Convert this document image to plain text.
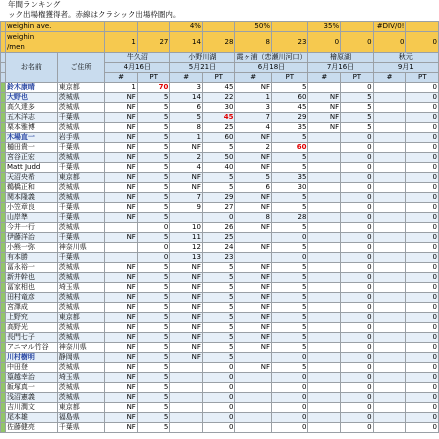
年間ランキング
ック出場権獲得者。赤線はクラシック出場枠圏内。
	weighin ave.				4%		50%		35%		#DIV/0!	
	weighin
/men		1	27	14	28	8	23	0	0	0	0
	お名前	ご住所	牛久沼		小野川湖		霞ヶ浦（恋瀬川河口）		檜原湖		秋元	
			4月16日		5月21日		6月18日		7月16日		9月1	
			#	PT	#	PT	#	PT	#	PT	#	PT
	鈴木康晴	東京都	1	70	3	45	NF	5		0		0
	大野也	茨城県	NF	5	14	22	1	60	NF	5		0
	高久達多	茨城県	NF	5	6	30	3	45	NF	5		0
	五木洋志	千葉県	NF	5	5	45	7	29	NF	5		0
	栗本雅博	茨城県	NF	5	8	25	4	35	NF	5		0
	木場直一	岩手県	NF	5	1	60	NF	5		0		0
	樋田貴一	千葉県	NF	5	NF	5	2	60		0		0
	宮谷正宏	茨城県	NF	5	2	50	NF	5		0		0
	Matt Judd	千葉県	NF	5	4	40	NF	5		0		0
	天沼央希	東京都	NF	5	NF	5	5	35		0		0
	鵜橋正和	茨城県	NF	5	NF	5	6	30		0		0
	関本隆義	茨城県	NF	5	7	29	NF	5		0		0
	小笠章良	千葉県	NF	5	9	27	NF	5		0		0
	山岸準	千葉県	NF	5		0	8	28		0		0
	今井一行	茨城県		0	10	26	NF	5		0		0
	伊藤洋治	千葉県	NF	5	11	25		0		0		0
	小熊一弥	神奈川県		0	12	24	NF	5		0		0
	有本勝	千葉県		0	13	23		0		0		0
	冨永裕一	茨城県	NF	5	NF	5	NF	5		0		0
	新井幹也	茨城県	NF	5	NF	5	NF	5		0		0
	冨家相也	埼玉県	NF	5	NF	5	NF	5		0		0
	田村竜彦	茨城県	NF	5	NF	5	NF	5		0		0
	宮澤成	茨城県	NF	5	NF	5	NF	5		0		0
	上野究	東京都	NF	5	NF	5	NF	5		0		0
	高野光	茨城県	NF	5	NF	5	NF	5		0		0
	長門七子	茨城県	NF	5	NF	5	NF	5		0		0
	アニマル竹谷	神奈川県	NF	5	NF	5	NF	5		0		0
	川村樹明	静岡県	NF	5	NF	5		0		0		0
	中田登	茨城県	NF	5		0	NF	5		0		0
	篁越幸治	埼玉県	NF	5		0		0		0		0
	飯塚真一	茨城県	NF	5		0		0		0		0
	浅沼憲義	茨城県	NF	5		0		0		0		0
	吉川潤文	東京都	NF	5		0		0		0		0
	尾本雄	福島県	NF	5		0		0		0		0
	佐藤健亮	千葉県	NF	5		0		0		0		0
